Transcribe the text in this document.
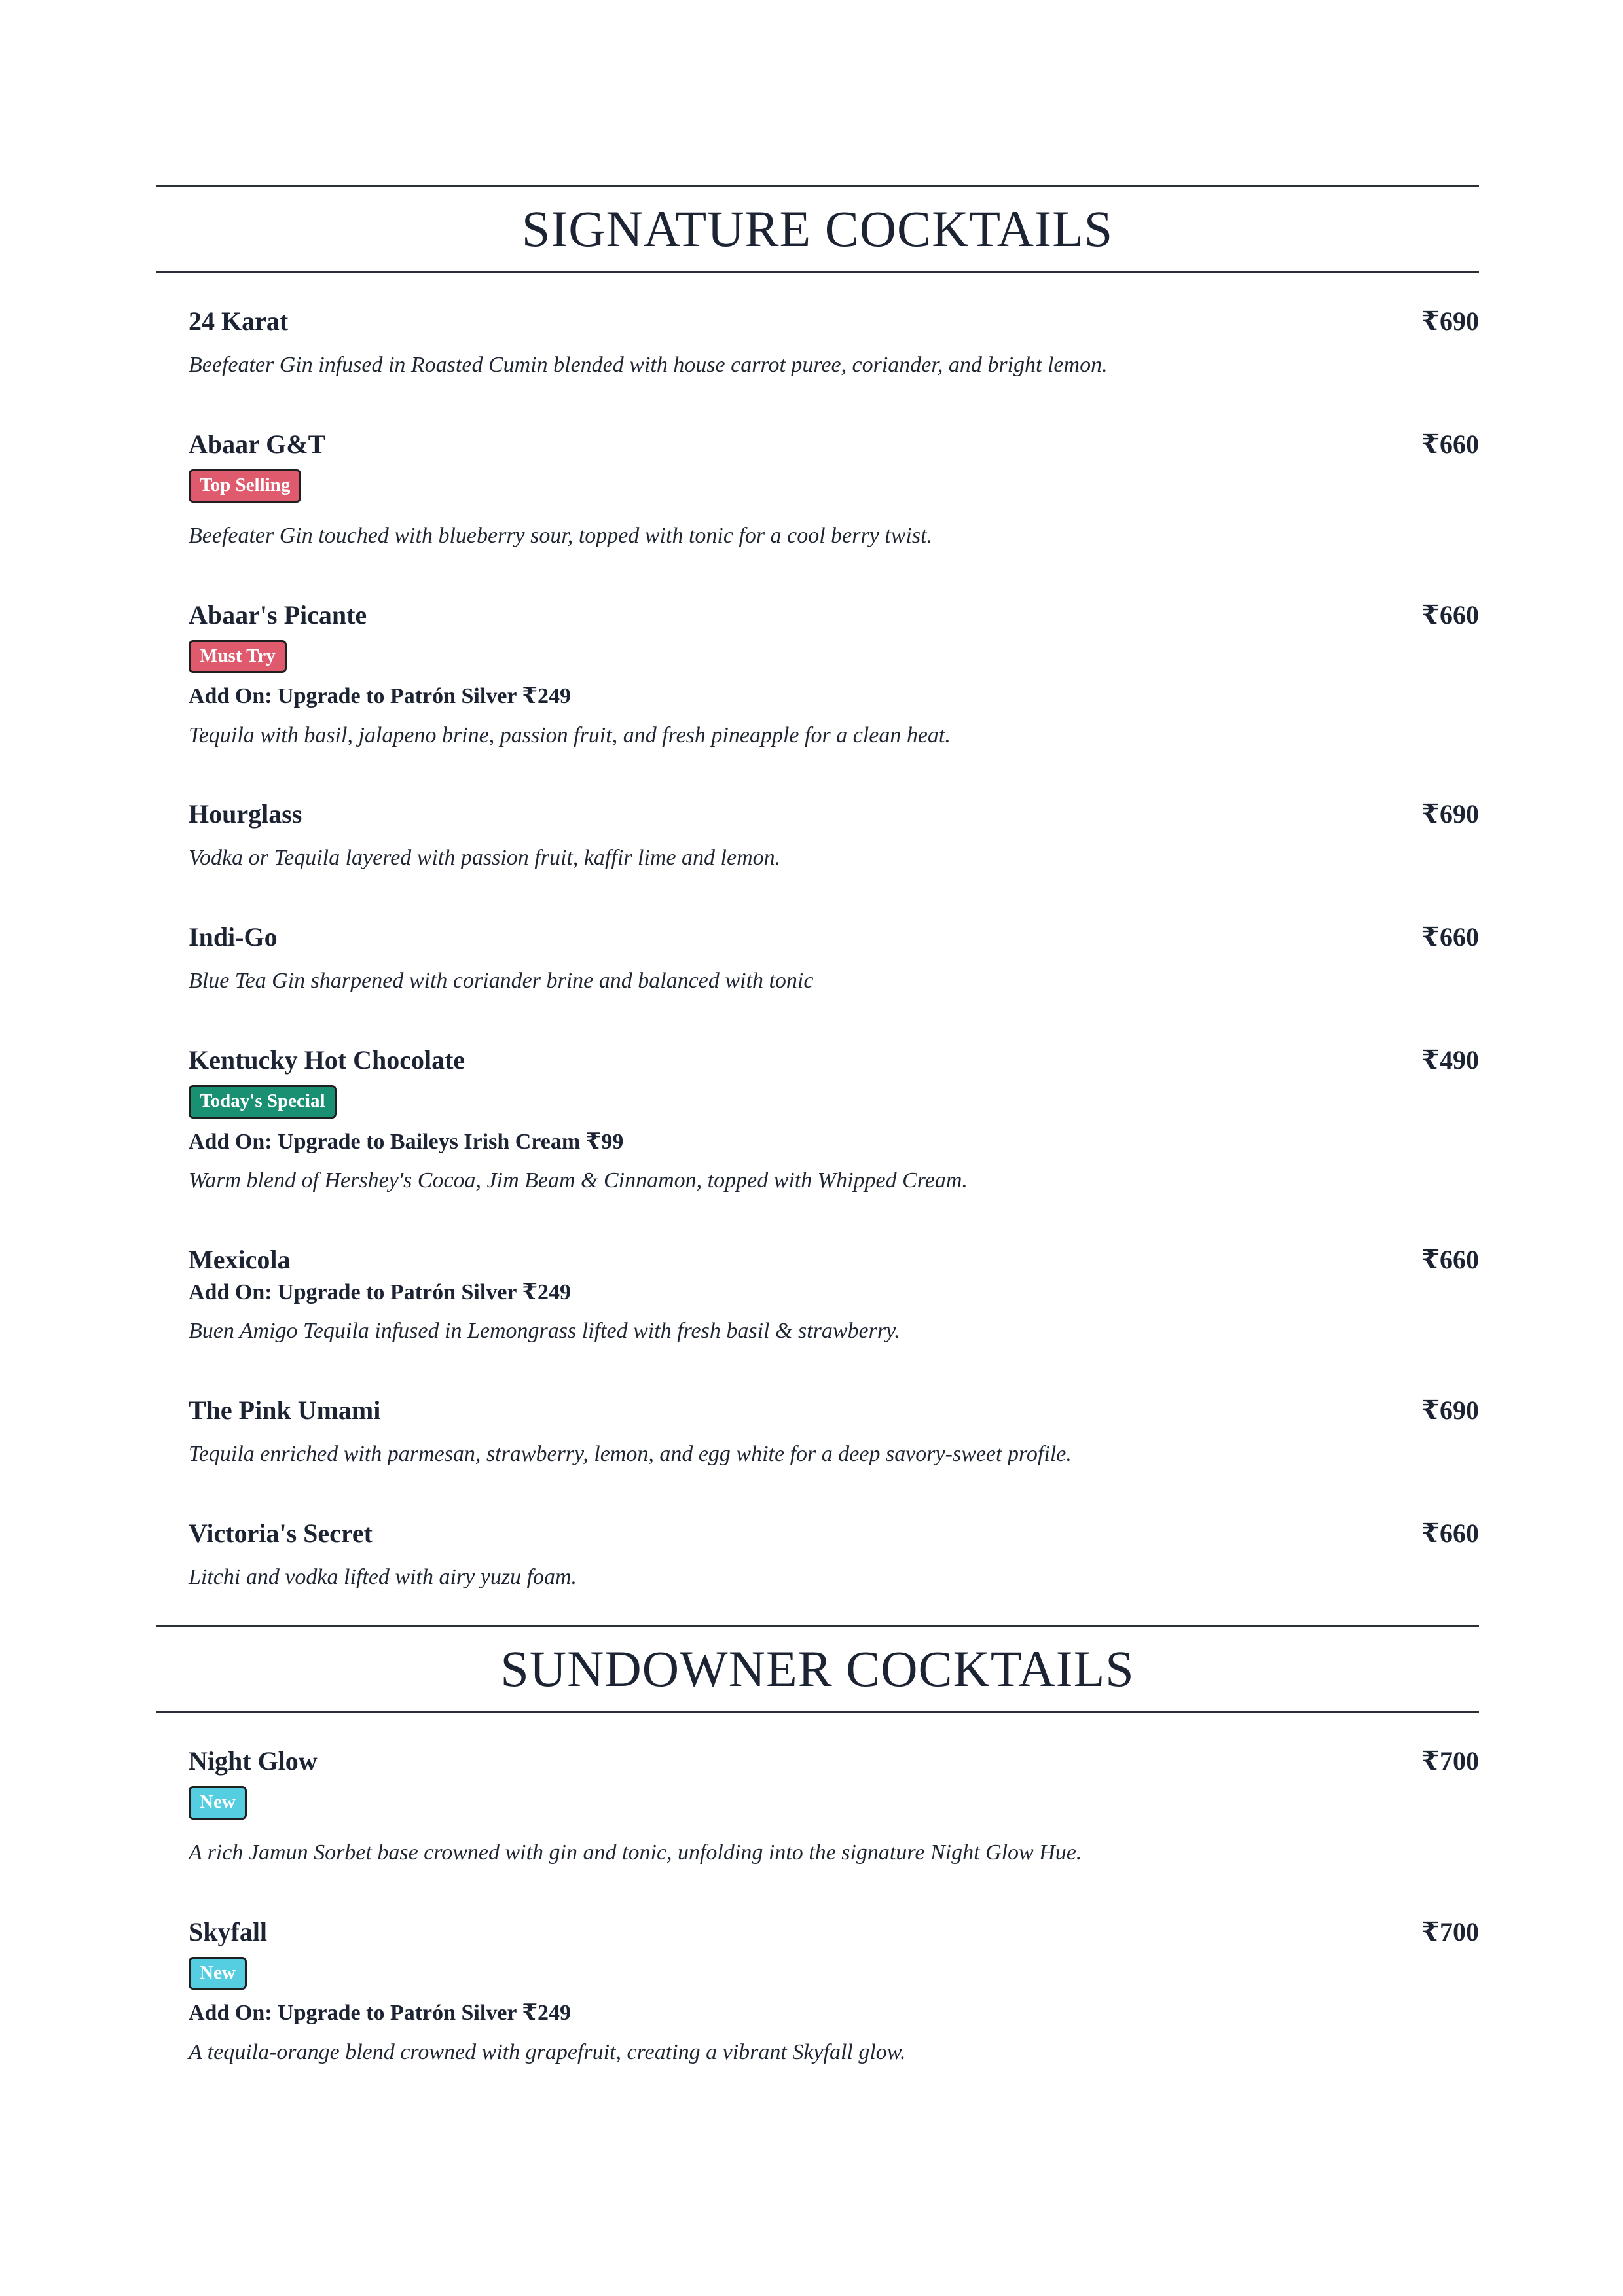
SIGNATURE COCKTAILS
24 Karat	₹690
Beefeater Gin infused in Roasted Cumin blended with house carrot puree, coriander, and bright lemon.
Abaar G&T	₹660
Top Selling
Beefeater Gin touched with blueberry sour, topped with tonic for a cool berry twist.
Abaar's Picante	₹660
Must Try
Add On: Upgrade to Patrón Silver ₹249
Tequila with basil, jalapeno brine, passion fruit, and fresh pineapple for a clean heat.
Hourglass	₹690
Vodka or Tequila layered with passion fruit, kaffir lime and lemon.
Indi-Go	₹660
Blue Tea Gin sharpened with coriander brine and balanced with tonic
Kentucky Hot Chocolate	₹490
Today's Special
Add On: Upgrade to Baileys Irish Cream ₹99
Warm blend of Hershey's Cocoa, Jim Beam & Cinnamon, topped with Whipped Cream.
Mexicola	₹660
Add On: Upgrade to Patrón Silver ₹249
Buen Amigo Tequila infused in Lemongrass lifted with fresh basil & strawberry.
The Pink Umami	₹690
Tequila enriched with parmesan, strawberry, lemon, and egg white for a deep savory-sweet profile.
Victoria's Secret	₹660
Litchi and vodka lifted with airy yuzu foam.
SUNDOWNER COCKTAILS
Night Glow	₹700
New
A rich Jamun Sorbet base crowned with gin and tonic, unfolding into the signature Night Glow Hue.
Skyfall	₹700
New
Add On: Upgrade to Patrón Silver ₹249
A tequila-orange blend crowned with grapefruit, creating a vibrant Skyfall glow.
